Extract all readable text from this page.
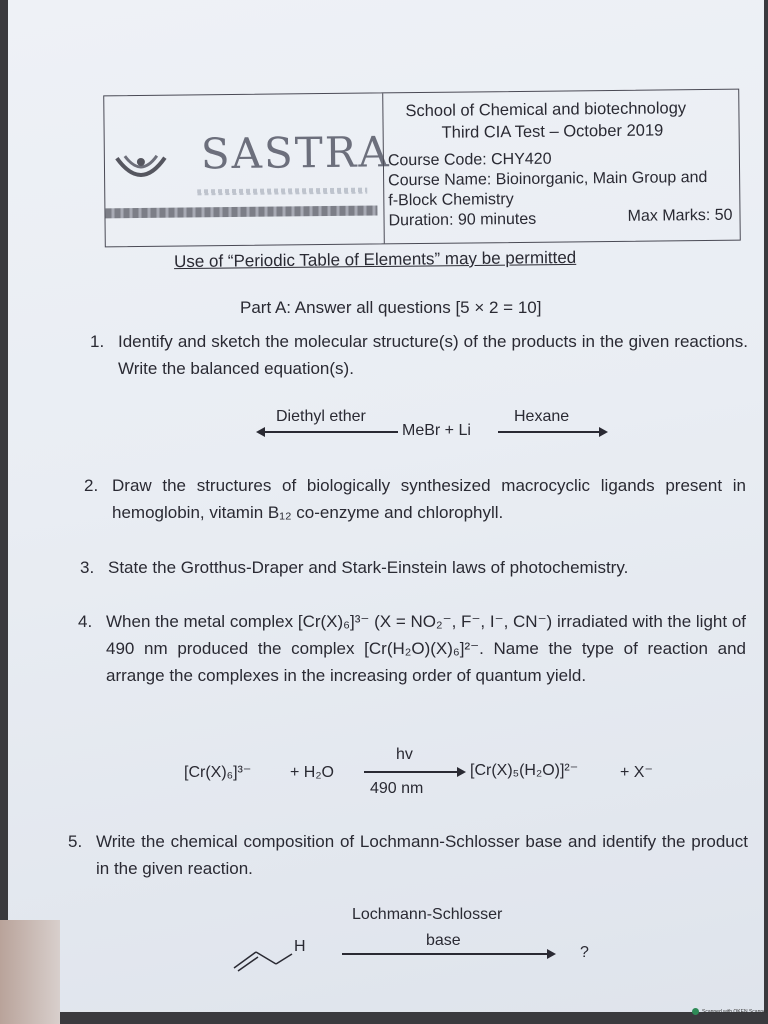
SASTRA
School of Chemical and biotechnology
Third CIA Test – October 2019
Course Code: CHY420
Course Name: Bioinorganic, Main Group and
f-Block Chemistry
Duration: 90 minutes	Max Marks: 50
Use of “Periodic Table of Elements” may be permitted
Part A: Answer all questions [5 × 2 = 10]
1. Identify and sketch the molecular structure(s) of the products in the given reactions. Write the balanced equation(s).
Diethyl ether
MeBr + Li
Hexane
2. Draw the structures of biologically synthesized macrocyclic ligands present in hemoglobin, vitamin B₁₂ co-enzyme and chlorophyll.
3. State the Grotthus-Draper and Stark-Einstein laws of photochemistry.
4. When the metal complex [Cr(X)₆]³⁻ (X = NO₂⁻, F⁻, I⁻, CN⁻) irradiated with the light of 490 nm produced the complex [Cr(H₂O)(X)₆]²⁻. Name the type of reaction and arrange the complexes in the increasing order of quantum yield.
[Cr(X)₆]³⁻ + H₂O
hv
490 nm
[Cr(X)₅(H₂O)]²⁻	+ X⁻
5. Write the chemical composition of Lochmann-Schlosser base and identify the product in the given reaction.
H
Lochmann-Schlosser
base
?
Scanned with OKEN Scanner
